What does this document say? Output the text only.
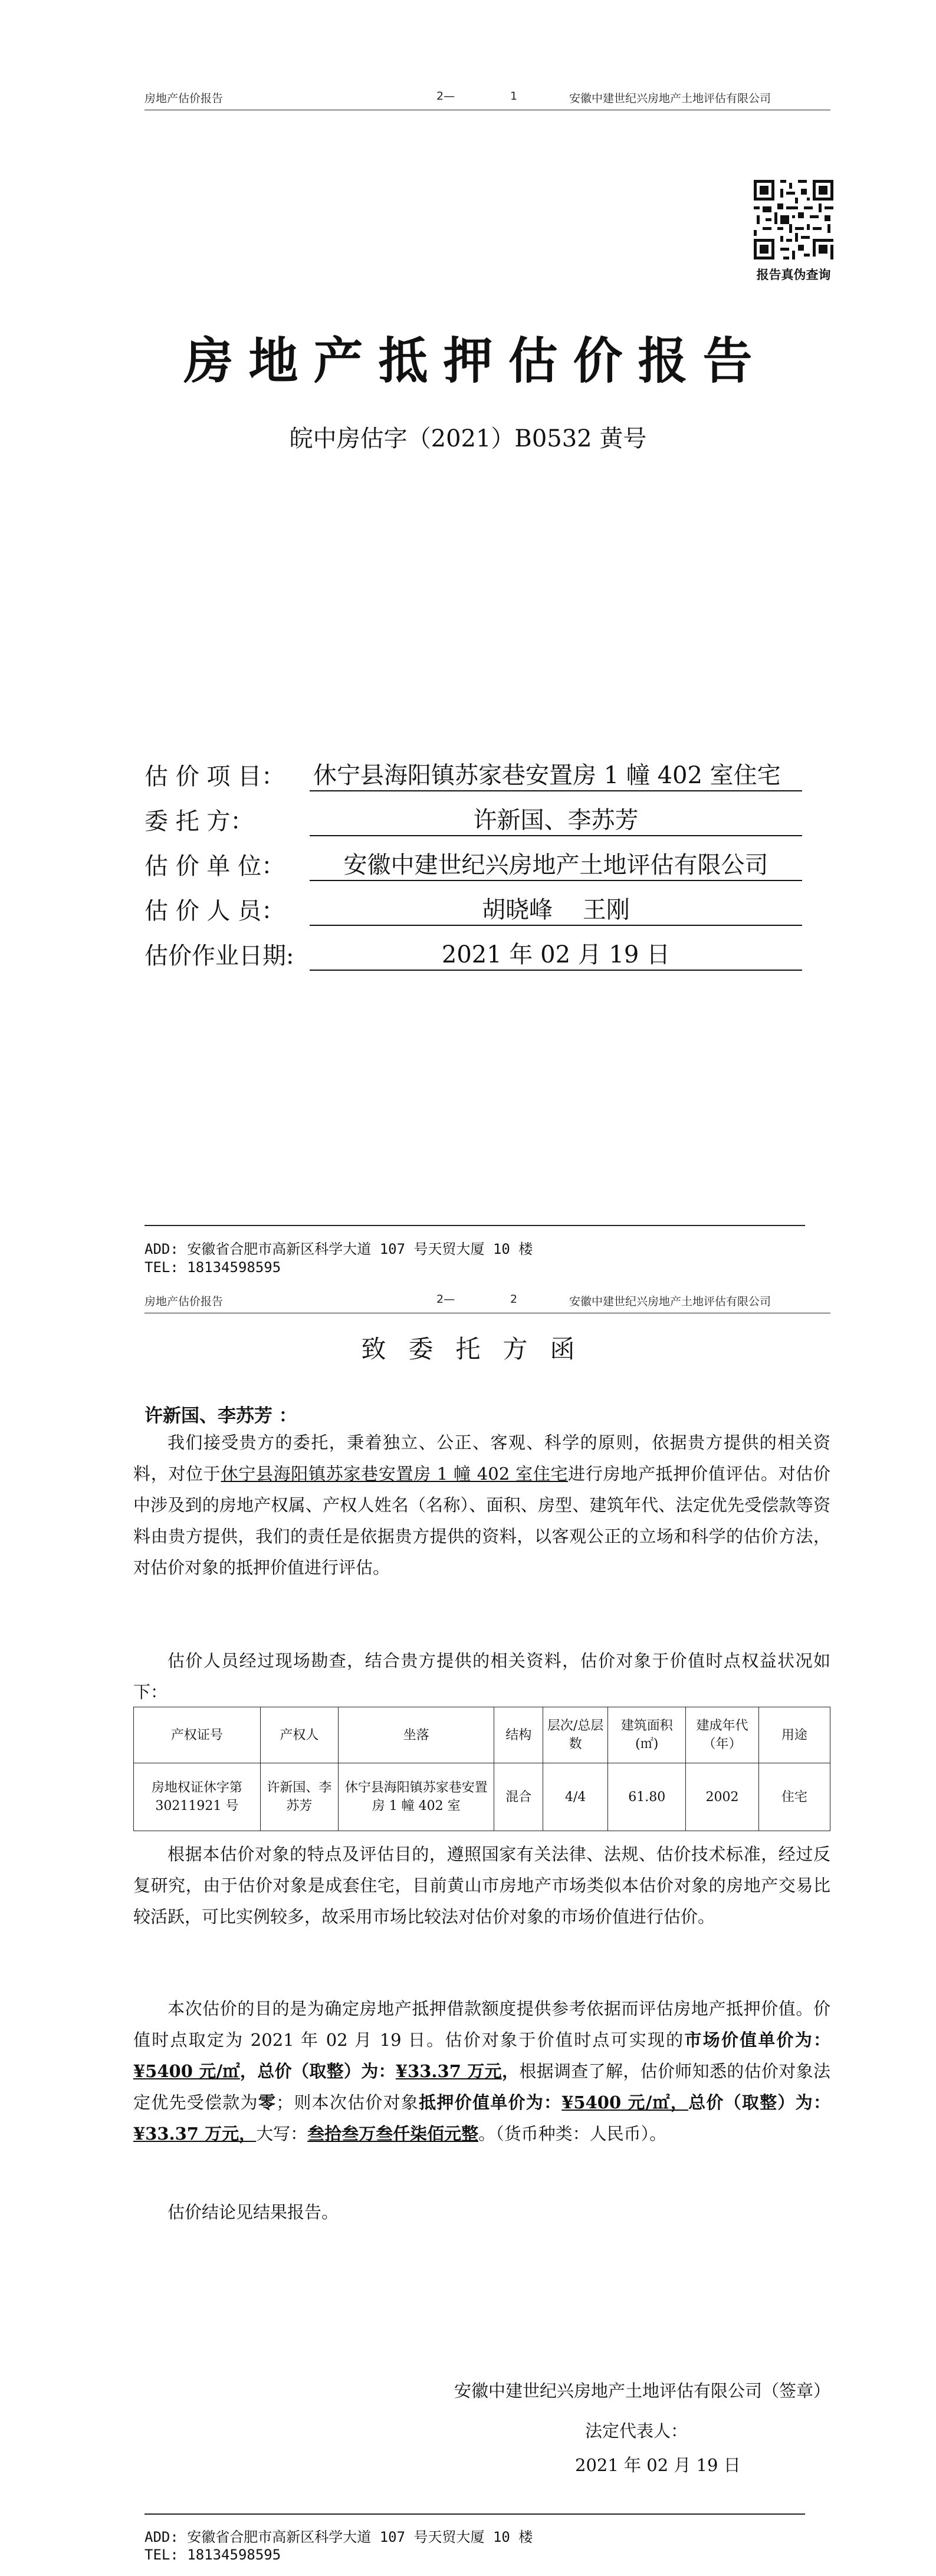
房地产估价报告	2—	1	安徽中建世纪兴房地产土地评估有限公司
报告真伪查询
房地产抵押估价报告
皖中房估字（2021）B0532 黄号
估 价 项 目： 休宁县海阳镇苏家巷安置房 1 幢 402 室住宅
委 托 方：	许新国、李苏芳
估 价 单 位：	安徽中建世纪兴房地产土地评估有限公司
估 价 人 员：	胡晓峰    王刚
估价作业日期:	2021 年 02 月 19 日
ADD: 安徽省合肥市高新区科学大道 107 号天贸大厦 10 楼
TEL: 18134598595
房地产估价报告	2—	2	安徽中建世纪兴房地产土地评估有限公司
致委托方函
许新国、李苏芳 ：

我们接受贵方的委托，秉着独立、公正、客观、科学的原则，依据贵方提供的相关资料，对位于休宁县海阳镇苏家巷安置房 1 幢 402 室住宅进行房地产抵押价值评估。对估价中涉及到的房地产权属、产权人姓名（名称）、面积、房型、建筑年代、法定优先受偿款等资料由贵方提供，我们的责任是依据贵方提供的资料，以客观公正的立场和科学的估价方法，对估价对象的抵押价值进行评估。

估价人员经过现场勘查，结合贵方提供的相关资料，估价对象于价值时点权益状况如下：

产权证号	产权人	坐落	结构	层次/总层数	建筑面积(㎡)	建成年代（年）	用途
房地权证休字第 30211921 号	许新国、李苏芳	休宁县海阳镇苏家巷安置房 1 幢 402 室	混合	4/4	61.80	2002	住宅

根据本估价对象的特点及评估目的，遵照国家有关法律、法规、估价技术标准，经过反复研究，由于估价对象是成套住宅，目前黄山市房地产市场类似本估价对象的房地产交易比较活跃，可比实例较多，故采用市场比较法对估价对象的市场价值进行估价。

本次估价的目的是为确定房地产抵押借款额度提供参考依据而评估房地产抵押价值。价值时点取定为 2021 年 02 月 19 日。估价对象于价值时点可实现的市场价值单价为：¥5400 元/㎡，总价（取整）为：¥33.37 万元，根据调查了解，估价师知悉的估价对象法定优先受偿款为零；则本次估价对象抵押价值单价为：¥5400 元/㎡，总价（取整）为：¥33.37 万元，大写：叁拾叁万叁仟柒佰元整。（货币种类：人民币）。

估价结论见结果报告。

安徽中建世纪兴房地产土地评估有限公司（签章）
法定代表人：
2021 年 02 月 19 日
ADD: 安徽省合肥市高新区科学大道 107 号天贸大厦 10 楼
TEL: 18134598595
